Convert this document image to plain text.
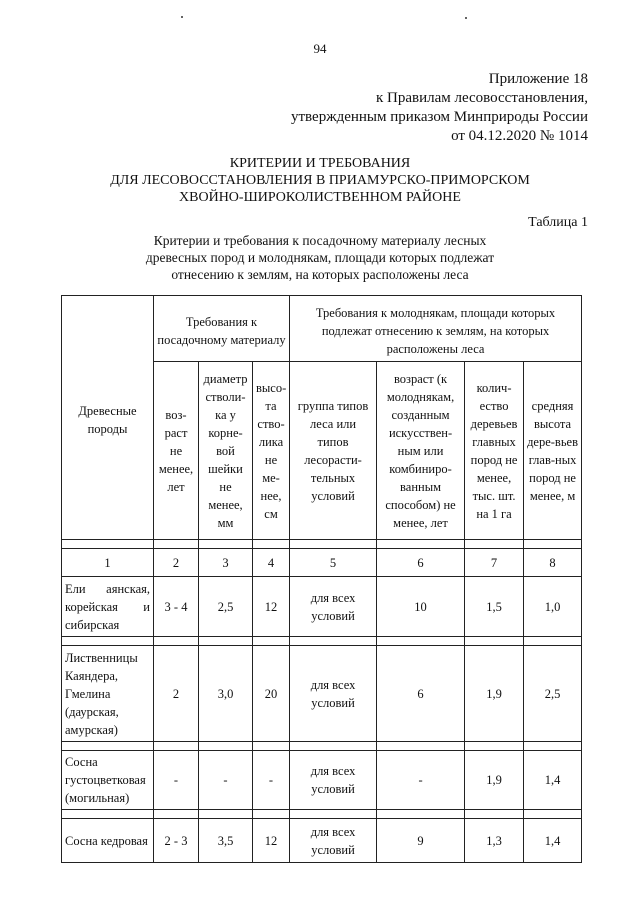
94
Приложение 18
к Правилам лесовосстановления,
утвержденным приказом Минприроды России
от 04.12.2020 № 1014
КРИТЕРИИ И ТРЕБОВАНИЯ
ДЛЯ ЛЕСОВОССТАНОВЛЕНИЯ В ПРИАМУРСКО-ПРИМОРСКОМ
ХВОЙНО-ШИРОКОЛИСТВЕННОМ РАЙОНЕ
Таблица 1
Критерии и требования к посадочному материалу лесных
древесных пород и молоднякам, площади которых подлежат
отнесению к землям, на которых расположены леса
Древесные породы	Требования к посадочному материалу			Требования к молоднякам, площади которых подлежат отнесению к землям, на которых расположены леса			
	воз-раст не менее, лет	диаметр стволи-ка у корне-вой шейки не менее, мм	высо-та ство-лика не ме-нее, см	группа типов леса или типов лесорасти-тельных условий	возраст (к молоднякам, созданным искусствен-ным или комбиниро-ванным способом) не менее, лет	колич-ество деревьев главных пород не менее, тыс. шт. на 1 га	средняя высота дере-вьев глав-ных пород не менее, м

1	2	3	4	5	6	7	8
Ели аянская, корейская и сибирская	3 - 4	2,5	12	для всех условий	10	1,5	1,0

Лиственницы Каяндера, Гмелина (даурская, амурская)	2	3,0	20	для всех условий	6	1,9	2,5

Сосна густоцветковая (могильная)	-	-	-	для всех условий	-	1,9	1,4

Сосна кедровая	2 - 3	3,5	12	для всех условий	9	1,3	1,4
